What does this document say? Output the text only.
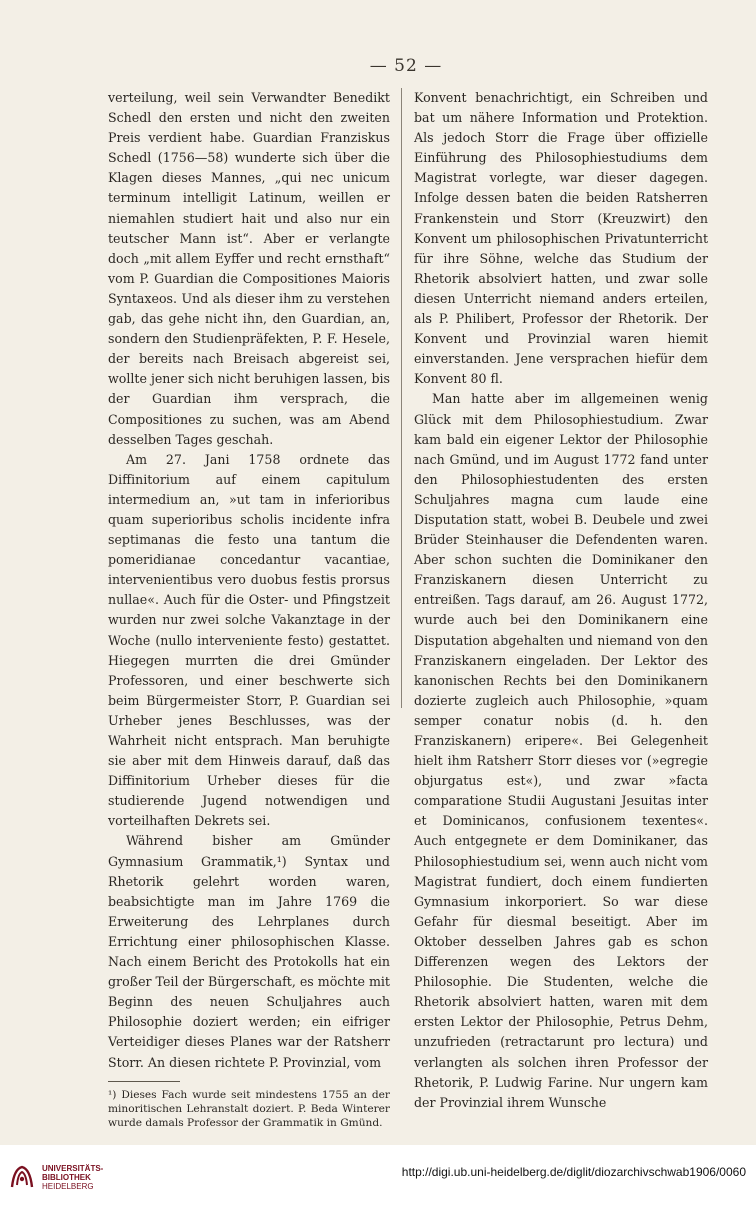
— 52 —

verteilung, weil sein Verwandter Benedikt Schedl den ersten und nicht den zweiten Preis verdient habe. Guardian Franziskus Schedl (1756—58) wunderte sich über die Klagen dieses Mannes, „qui nec unicum terminum intelligit Latinum, weillen er niemahlen studiert hait und also nur ein teutscher Mann ist“. Aber er verlangte doch „mit allem Eyffer und recht ernsthaft“ vom P. Guardian die Compositiones Maioris Syntaxeos. Und als dieser ihm zu verstehen gab, das gehe nicht ihn, den Guardian, an, sondern den Studienpräfekten, P. F. Hesele, der bereits nach Breisach abgereist sei, wollte jener sich nicht beruhigen lassen, bis der Guardian ihm versprach, die Compositiones zu suchen, was am Abend desselben Tages geschah.

Am 27. Jani 1758 ordnete das Diffinitorium auf einem capitulum intermedium an, »ut tam in inferioribus quam superioribus scholis incidente infra septimanas die festo una tantum die pomeridianae concedantur vacantiae, intervenientibus vero duobus festis prorsus nullae«. Auch für die Oster- und Pfingstzeit wurden nur zwei solche Vakanztage in der Woche (nullo interveniente festo) gestattet. Hiegegen murrten die drei Gmünder Professoren, und einer beschwerte sich beim Bürgermeister Storr, P. Guardian sei Urheber jenes Beschlusses, was der Wahrheit nicht entsprach. Man beruhigte sie aber mit dem Hinweis darauf, daß das Diffinitorium Urheber dieses für die studierende Jugend notwendigen und vorteilhaften Dekrets sei.

Während bisher am Gmünder Gymnasium Grammatik,¹) Syntax und Rhetorik gelehrt worden waren, beabsichtigte man im Jahre 1769 die Erweiterung des Lehrplanes durch Errichtung einer philosophischen Klasse. Nach einem Bericht des Protokolls hat ein großer Teil der Bürgerschaft, es möchte mit Beginn des neuen Schuljahres auch Philosophie doziert werden; ein eifriger Verteidiger dieses Planes war der Ratsherr Storr. An diesen richtete P. Provinzial, vom

¹) Dieses Fach wurde seit mindestens 1755 an der minoritischen Lehranstalt doziert. P. Beda Winterer wurde damals Professor der Grammatik in Gmünd.

Konvent benachrichtigt, ein Schreiben und bat um nähere Information und Protektion. Als jedoch Storr die Frage über offizielle Einführung des Philosophiestudiums dem Magistrat vorlegte, war dieser dagegen. Infolge dessen baten die beiden Ratsherren Frankenstein und Storr (Kreuzwirt) den Konvent um philosophischen Privatunterricht für ihre Söhne, welche das Studium der Rhetorik absolviert hatten, und zwar solle diesen Unterricht niemand anders erteilen, als P. Philibert, Professor der Rhetorik. Der Konvent und Provinzial waren hiemit einverstanden. Jene versprachen hiefür dem Konvent 80 fl.

Man hatte aber im allgemeinen wenig Glück mit dem Philosophiestudium. Zwar kam bald ein eigener Lektor der Philosophie nach Gmünd, und im August 1772 fand unter den Philosophiestudenten des ersten Schuljahres magna cum laude eine Disputation statt, wobei B. Deubele und zwei Brüder Steinhauser die Defendenten waren. Aber schon suchten die Dominikaner den Franziskanern diesen Unterricht zu entreißen. Tags darauf, am 26. August 1772, wurde auch bei den Dominikanern eine Disputation abgehalten und niemand von den Franziskanern eingeladen. Der Lektor des kanonischen Rechts bei den Dominikanern dozierte zugleich auch Philosophie, »quam semper conatur nobis (d. h. den Franziskanern) eripere«. Bei Gelegenheit hielt ihm Ratsherr Storr dieses vor (»egregie objurgatus est«), und zwar »facta comparatione Studii Augustani Jesuitas inter et Dominicanos, confusionem texentes«. Auch entgegnete er dem Dominikaner, das Philosophiestudium sei, wenn auch nicht vom Magistrat fundiert, doch einem fundierten Gymnasium inkorporiert. So war diese Gefahr für diesmal beseitigt. Aber im Oktober desselben Jahres gab es schon Differenzen wegen des Lektors der Philosophie. Die Studenten, welche die Rhetorik absolviert hatten, waren mit dem ersten Lektor der Philosophie, Petrus Dehm, unzufrieden (retractarunt pro lectura) und verlangten als solchen ihren Professor der Rhetorik, P. Ludwig Farine. Nur ungern kam der Provinzial ihrem Wunsche

UNIVERSITÄTS-
BIBLIOTHEK
HEIDELBERG
http://digi.ub.uni-heidelberg.de/diglit/diozarchivschwab1906/0060
